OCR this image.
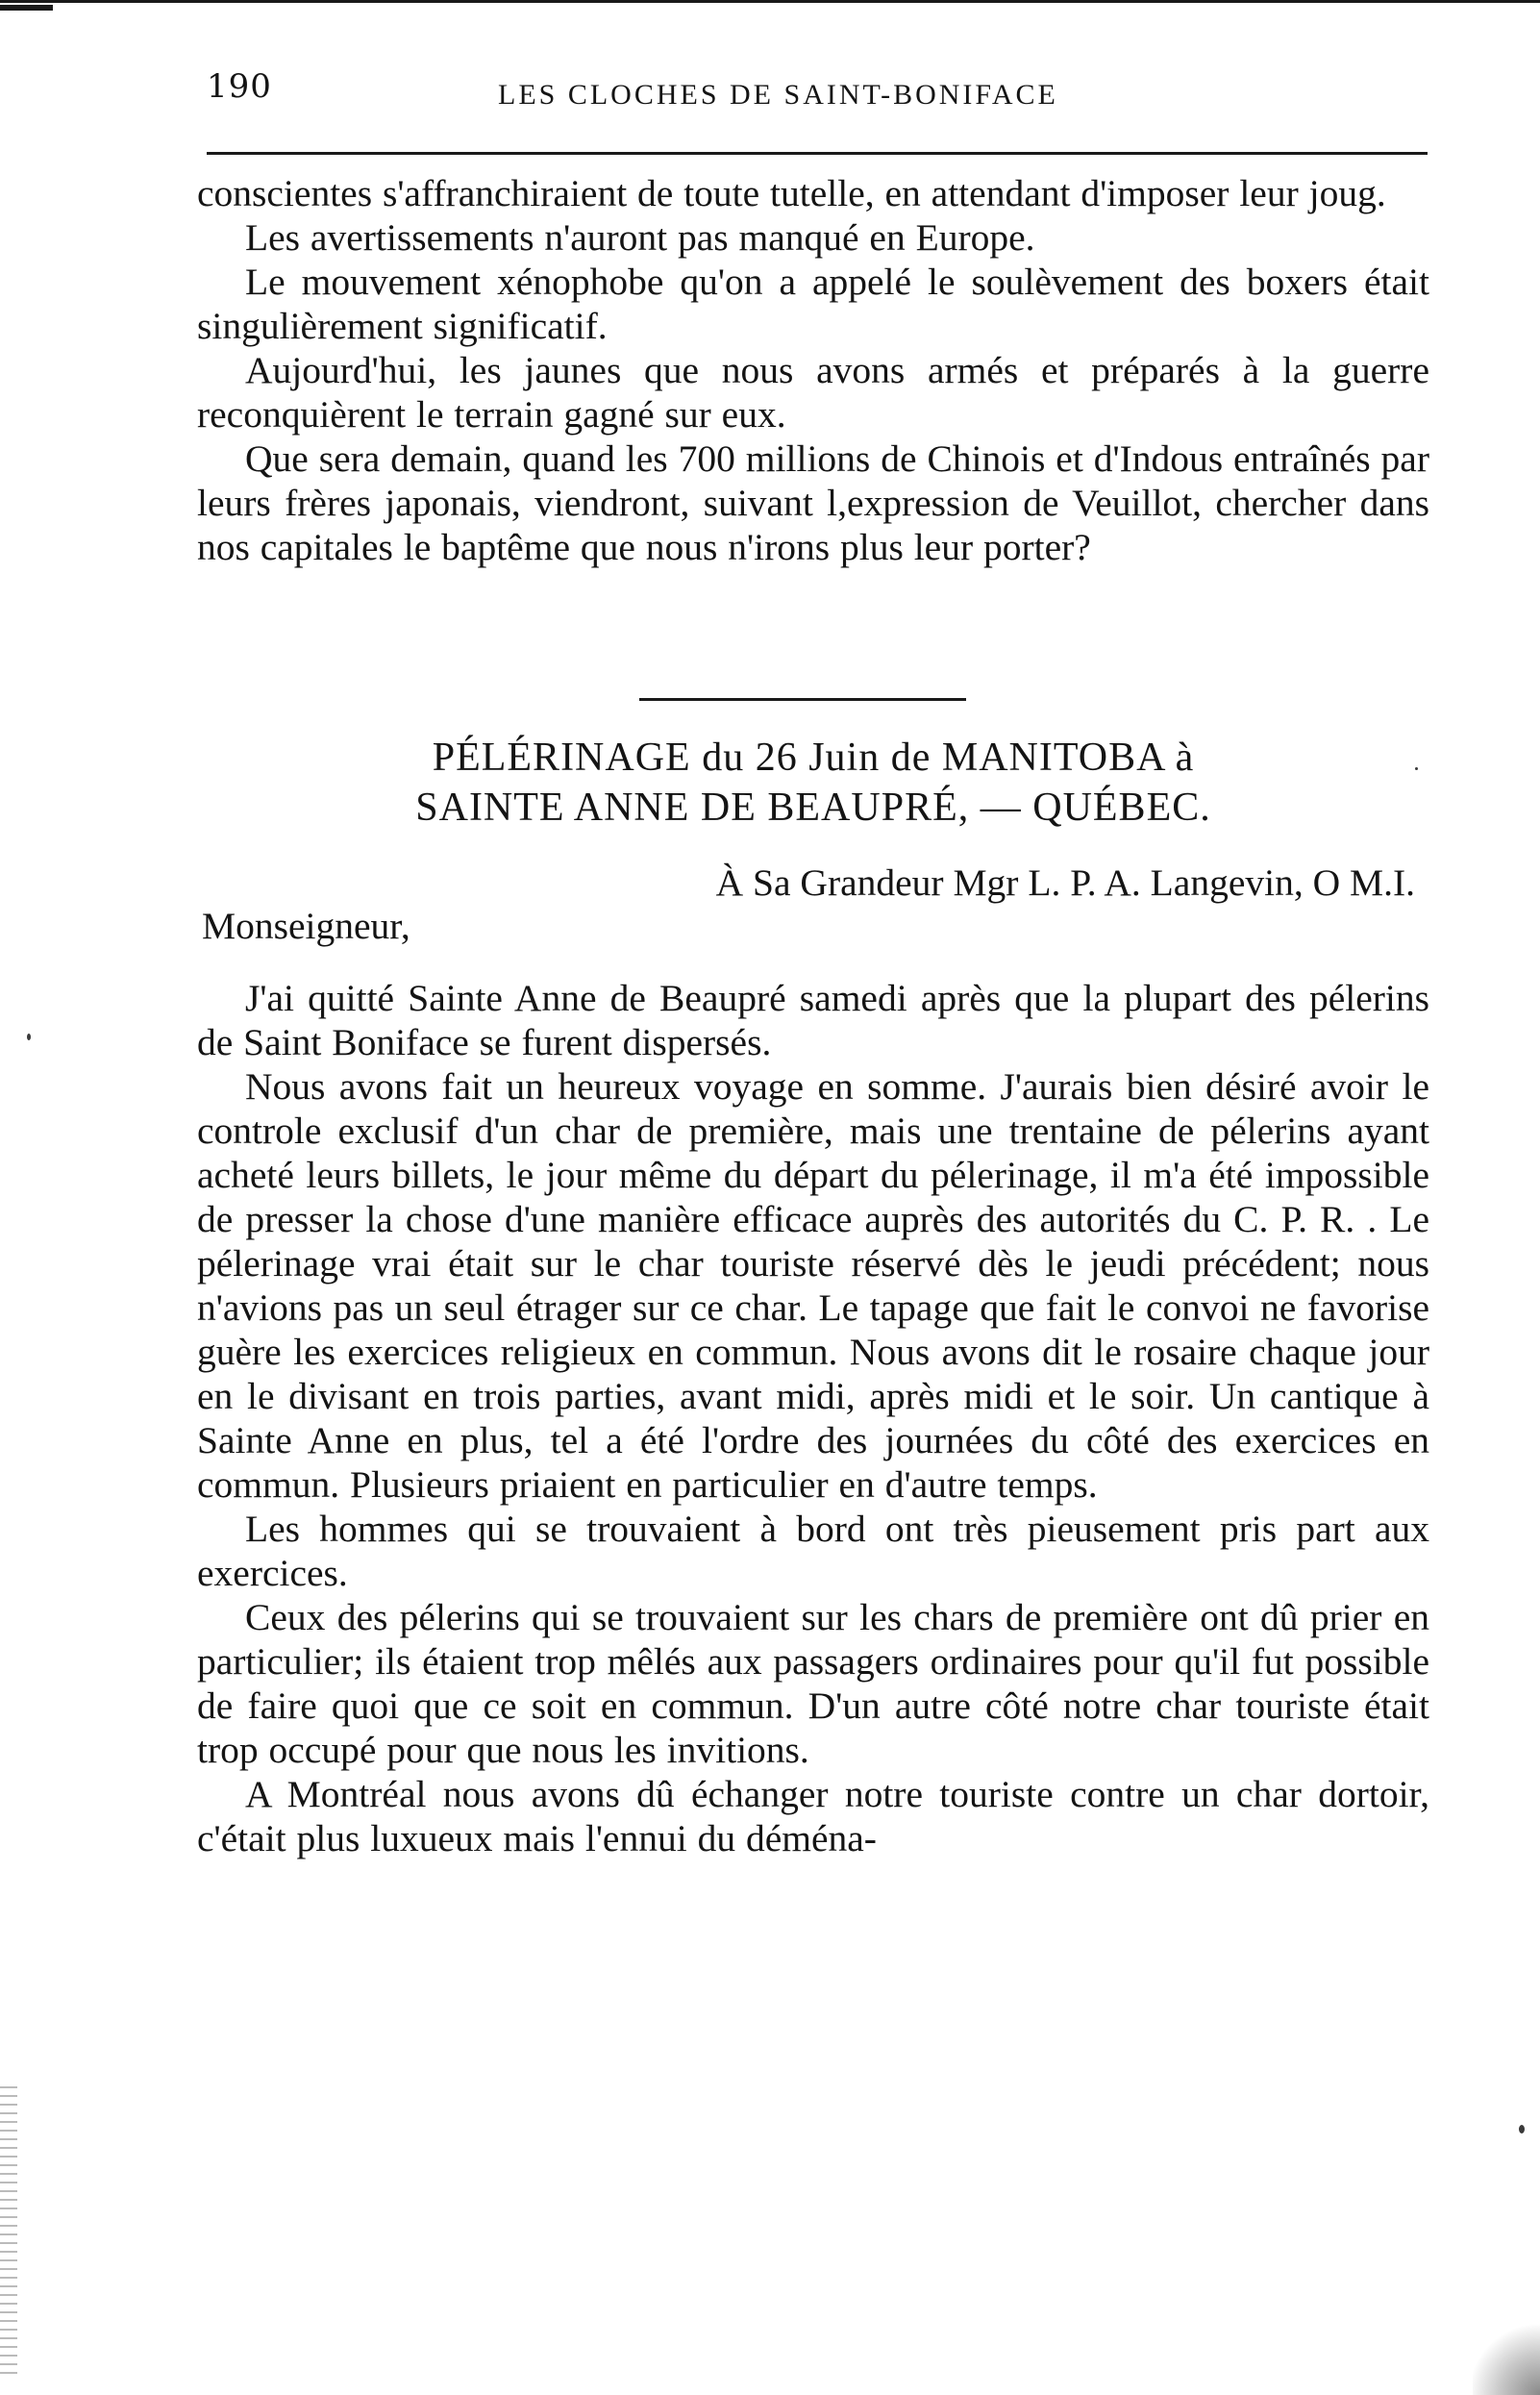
190	LES CLOCHES DE SAINT-BONIFACE

conscientes s'affranchiraient de toute tutelle, en attendant d'imposer leur joug.

Les avertissements n'auront pas manqué en Europe.

Le mouvement xénophobe qu'on a appelé le soulèvement des boxers était singulièrement significatif.

Aujourd'hui, les jaunes que nous avons armés et préparés à la guerre reconquièrent le terrain gagné sur eux.

Que sera demain, quand les 700 millions de Chinois et d'Indous entraînés par leurs frères japonais, viendront, suivant l,expression de Veuillot, chercher dans nos capitales le baptême que nous n'irons plus leur porter?

PÉLÉRINAGE du 26 Juin de MANITOBA à
SAINTE ANNE DE BEAUPRÉ, — QUÉBEC.
À Sa Grandeur Mgr L. P. A. Langevin, O M.I.
Monseigneur,

J'ai quitté Sainte Anne de Beaupré samedi après que la plupart des pélerins de Saint Boniface se furent dispersés.

Nous avons fait un heureux voyage en somme. J'aurais bien désiré avoir le controle exclusif d'un char de première, mais une trentaine de pélerins ayant acheté leurs billets, le jour même du départ du pélerinage, il m'a été impossible de presser la chose d'une manière efficace auprès des autorités du C. P. R. . Le pélerinage vrai était sur le char touriste réservé dès le jeudi précédent; nous n'avions pas un seul étrager sur ce char. Le tapage que fait le convoi ne favorise guère les exercices religieux en commun. Nous avons dit le rosaire chaque jour en le divisant en trois parties, avant midi, après midi et le soir. Un cantique à Sainte Anne en plus, tel a été l'ordre des journées du côté des exercices en commun. Plusieurs priaient en particulier en d'autre temps.

Les hommes qui se trouvaient à bord ont très pieusement pris part aux exercices.

Ceux des pélerins qui se trouvaient sur les chars de première ont dû prier en particulier; ils étaient trop mêlés aux passagers ordinaires pour qu'il fut possible de faire quoi que ce soit en commun. D'un autre côté notre char touriste était trop occupé pour que nous les invitions.

A Montréal nous avons dû échanger notre touriste contre un char dortoir, c'était plus luxueux mais l'ennui du déména-
